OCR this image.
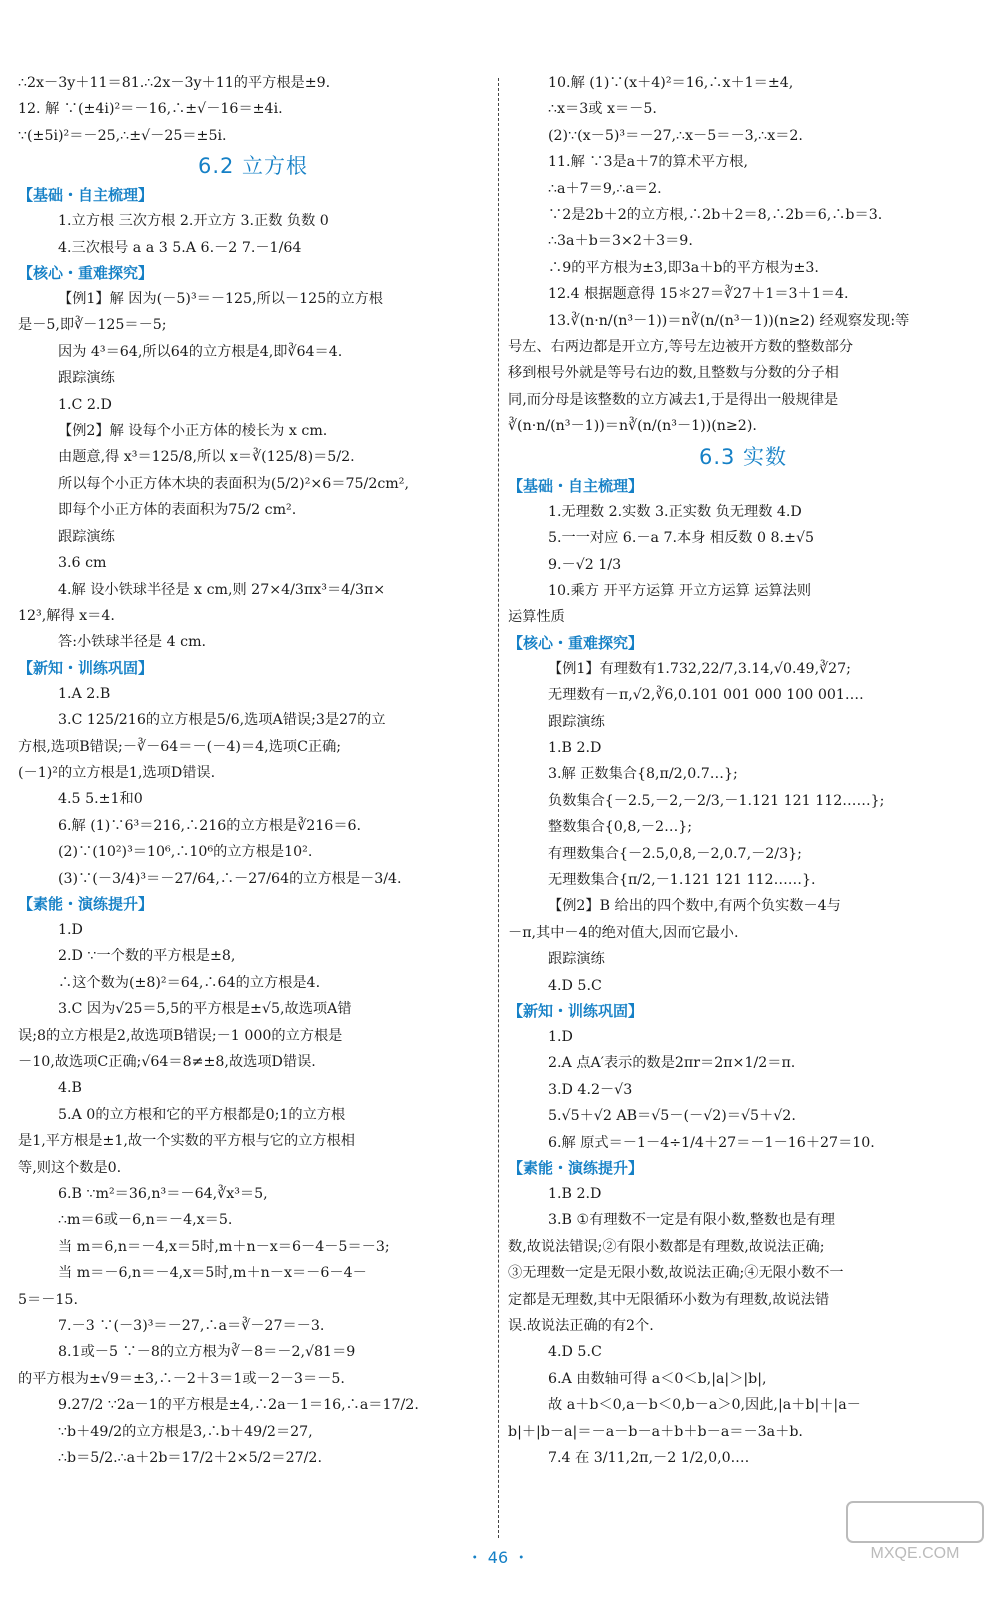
∴2x－3y＋11＝81.∴2x－3y＋11的平方根是±9.
12. 解 ∵(±4i)²＝－16,∴±√－16＝±4i.
∵(±5i)²＝－25,∴±√－25＝±5i.
6.2 立方根
【基础・自主梳理】
1.立方根 三次方根 2.开立方 3.正数 负数 0
4.三次根号 a a 3 5.A 6.－2 7.－1/64
【核心・重难探究】
【例1】解 因为(－5)³＝－125,所以－125的立方根
是－5,即∛－125＝－5;
因为 4³＝64,所以64的立方根是4,即∛64＝4.
跟踪演练
1.C 2.D
【例2】解 设每个小正方体的棱长为 x cm.
由题意,得 x³＝125/8,所以 x＝∛(125/8)＝5/2.
所以每个小正方体木块的表面积为(5/2)²×6＝75/2cm²,
即每个小正方体的表面积为75/2 cm².
跟踪演练
3.6 cm
4.解 设小铁球半径是 x cm,则 27×4/3πx³＝4/3π×
12³,解得 x＝4.
答:小铁球半径是 4 cm.
【新知・训练巩固】
1.A 2.B
3.C 125/216的立方根是5/6,选项A错误;3是27的立
方根,选项B错误;－∛－64＝－(－4)＝4,选项C正确;
(－1)²的立方根是1,选项D错误.
4.5 5.±1和0
6.解 (1)∵6³＝216,∴216的立方根是∛216＝6.
(2)∵(10²)³＝10⁶,∴10⁶的立方根是10².
(3)∵(－3/4)³＝－27/64,∴－27/64的立方根是－3/4.
【素能・演练提升】
1.D
2.D ∵一个数的平方根是±8,
∴这个数为(±8)²＝64,∴64的立方根是4.
3.C 因为√25＝5,5的平方根是±√5,故选项A错
误;8的立方根是2,故选项B错误;－1 000的立方根是
－10,故选项C正确;√64＝8≠±8,故选项D错误.
4.B
5.A 0的立方根和它的平方根都是0;1的立方根
是1,平方根是±1,故一个实数的平方根与它的立方根相
等,则这个数是0.
6.B ∵m²＝36,n³＝－64,∛x³＝5,
∴m＝6或－6,n＝－4,x＝5.
当 m＝6,n＝－4,x＝5时,m＋n－x＝6－4－5＝－3;
当 m＝－6,n＝－4,x＝5时,m＋n－x＝－6－4－
5＝－15.
7.－3 ∵(－3)³＝－27,∴a＝∛－27＝－3.
8.1或－5 ∵－8的立方根为∛－8＝－2,√81＝9
的平方根为±√9＝±3,∴－2＋3＝1或－2－3＝－5.
9.27/2 ∵2a－1的平方根是±4,∴2a－1＝16,∴a＝17/2.
∵b＋49/2的立方根是3,∴b＋49/2＝27,
∴b＝5/2.∴a＋2b＝17/2＋2×5/2＝27/2.
10.解 (1)∵(x＋4)²＝16,∴x＋1＝±4,
∴x＝3或 x＝－5.
(2)∵(x－5)³＝－27,∴x－5＝－3,∴x＝2.
11.解 ∵3是a＋7的算术平方根,
∴a＋7＝9,∴a＝2.
∵2是2b＋2的立方根,∴2b＋2＝8,∴2b＝6,∴b＝3.
∴3a＋b＝3×2＋3＝9.
∴9的平方根为±3,即3a＋b的平方根为±3.
12.4 根据题意得 15＊27＝∛27＋1＝3＋1＝4.
13.∛(n·n/(n³－1))＝n∛(n/(n³－1))(n≥2) 经观察发现:等
号左、右两边都是开立方,等号左边被开方数的整数部分
移到根号外就是等号右边的数,且整数与分数的分子相
同,而分母是该整数的立方减去1,于是得出一般规律是
∛(n·n/(n³－1))＝n∛(n/(n³－1))(n≥2).
6.3 实数
【基础・自主梳理】
1.无理数 2.实数 3.正实数 负无理数 4.D
5.一一对应 6.－a 7.本身 相反数 0 8.±√5
9.－√2 1/3
10.乘方 开平方运算 开立方运算 运算法则
运算性质
【核心・重难探究】
【例1】有理数有1.732,22/7,3.14,√0.49,∛27;
无理数有－π,√2,∛6,0.101 001 000 100 001….
跟踪演练
1.B 2.D
3.解 正数集合{8,π/2,0.7…};
负数集合{－2.5,－2,－2/3,－1.121 121 112……};
整数集合{0,8,－2…};
有理数集合{－2.5,0,8,－2,0.7,－2/3};
无理数集合{π/2,－1.121 121 112……}.
【例2】B 给出的四个数中,有两个负实数－4与
－π,其中－4的绝对值大,因而它最小.
跟踪演练
4.D 5.C
【新知・训练巩固】
1.D
2.A 点A′表示的数是2πr＝2π×1/2＝π.
3.D 4.2－√3
5.√5＋√2 AB＝√5－(－√2)＝√5＋√2.
6.解 原式＝－1－4÷1/4＋27＝－1－16＋27＝10.
【素能・演练提升】
1.B 2.D
3.B ①有理数不一定是有限小数,整数也是有理
数,故说法错误;②有限小数都是有理数,故说法正确;
③无理数一定是无限小数,故说法正确;④无限小数不一
定都是无理数,其中无限循环小数为有理数,故说法错
误.故说法正确的有2个.
4.D 5.C
6.A 由数轴可得 a＜0＜b,|a|＞|b|,
故 a＋b＜0,a－b＜0,b－a＞0,因此,|a＋b|＋|a－
b|＋|b－a|＝－a－b－a＋b＋b－a＝－3a＋b.
7.4 在 3/11,2π,－2 1/2,0,0.…
・ 46 ・	MXQE.COM
